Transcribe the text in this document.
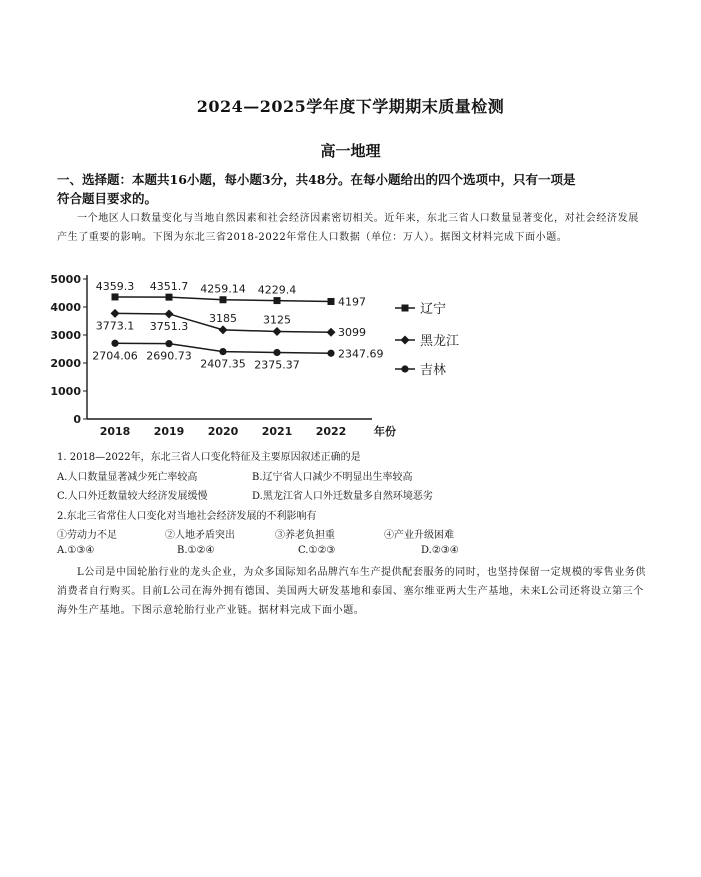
2024—2025学年度下学期期末质量检测
高一地理
一、选择题：本题共16小题，每小题3分，共48分。在每小题给出的四个选项中，只有一项是符合题目要求的。
一个地区人口数量变化与当地自然因素和社会经济因素密切相关。近年来，东北三省人口数量显著变化，对社会经济发展产生了重要的影响。下图为东北三省2018-2022年常住人口数据（单位：万人）。据图文材料完成下面小题。
5000
4000
3000
2000
1000
0
2018 2019 2020 2021 2022	年份
4359.3 4351.7 4259.14 4229.4
4197
辽宁
3773.1 3751.3
3185 3125
3099
黑龙江
2704.06 2690.73
2407.35 2375.37
2347.69
吉林
1. 2018—2022年，东北三省人口变化特征及主要原因叙述正确的是
A.人口数量显著减少死亡率较高	B.辽宁省人口减少不明显出生率较高
C.人口外迁数量较大经济发展缓慢	D.黑龙江省人口外迁数量多自然环境恶劣
2.东北三省常住人口变化对当地社会经济发展的不利影响有
①劳动力不足	②人地矛盾突出	③养老负担重	④产业升级困难
A.①③④	B.①②④	C.①②③	D.②③④
L公司是中国轮胎行业的龙头企业，为众多国际知名品牌汽车生产提供配套服务的同时，也坚持保留一定规模的零售业务供消费者自行购买。目前L公司在海外拥有德国、美国两大研发基地和泰国、塞尔维亚两大生产基地，未来L公司还将设立第三个海外生产基地。下图示意轮胎行业产业链。据材料完成下面小题。
